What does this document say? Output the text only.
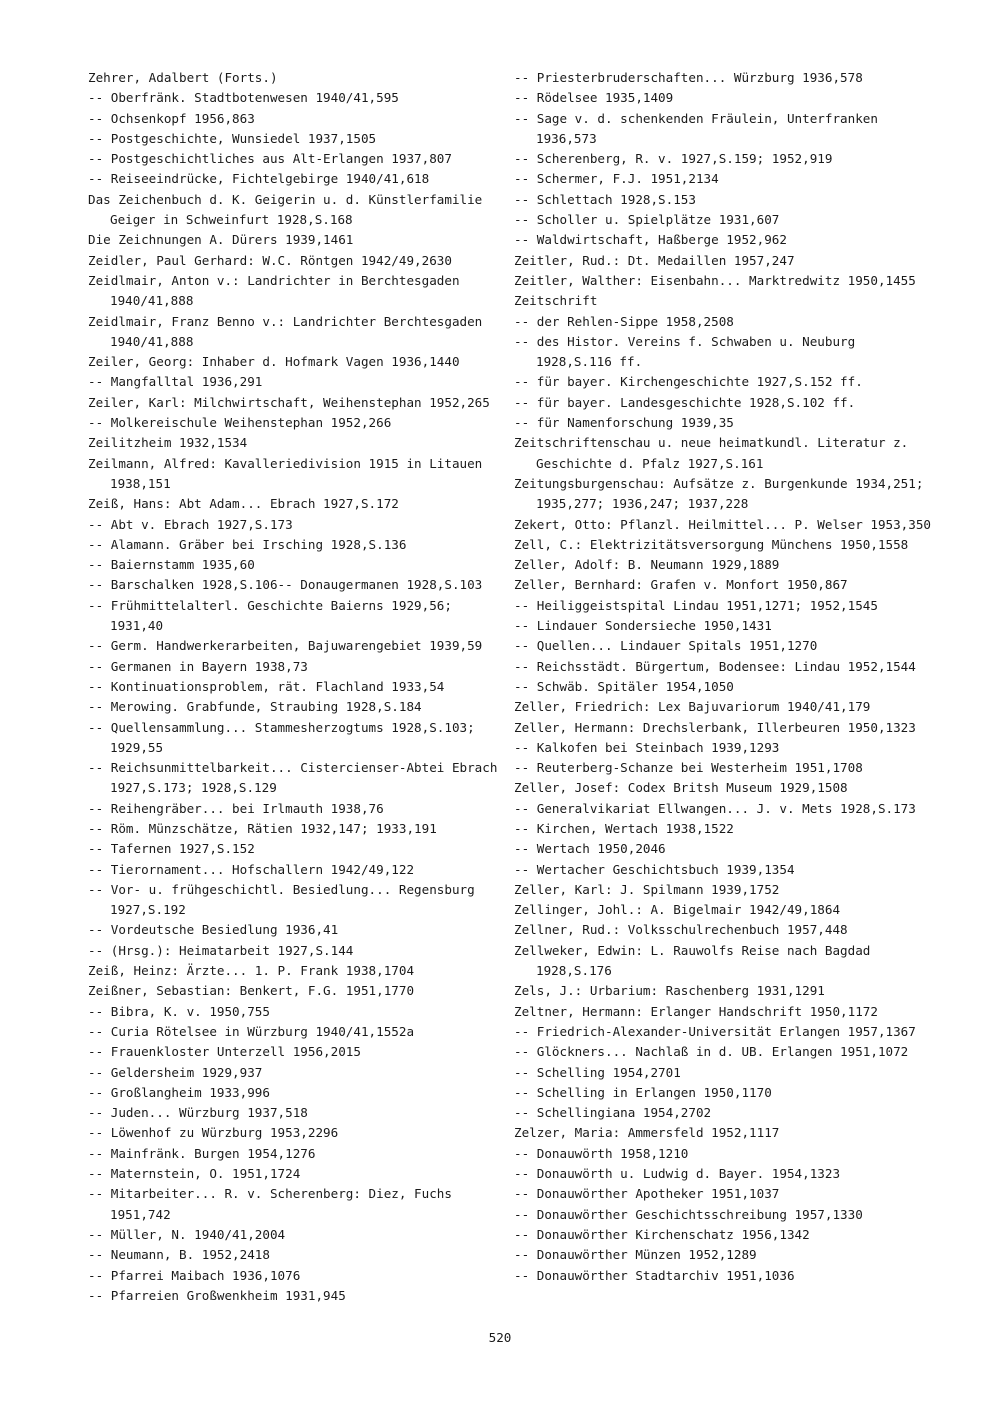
Zehrer, Adalbert (Forts.)
-- Oberfränk. Stadtbotenwesen 1940/41,595
-- Ochsenkopf 1956,863
-- Postgeschichte, Wunsiedel 1937,1505
-- Postgeschichtliches aus Alt-Erlangen 1937,807
-- Reiseeindrücke, Fichtelgebirge 1940/41,618
Das Zeichenbuch d. K. Geigerin u. d. Künstlerfamilie Geiger in Schweinfurt 1928,S.168
Die Zeichnungen A. Dürers 1939,1461
Zeidler, Paul Gerhard: W.C. Röntgen 1942/49,2630
Zeidlmair, Anton v.: Landrichter in Berchtesgaden 1940/41,888
Zeidlmair, Franz Benno v.: Landrichter Berchtesgaden 1940/41,888
Zeiler, Georg: Inhaber d. Hofmark Vagen 1936,1440
-- Mangfalltal 1936,291
Zeiler, Karl: Milchwirtschaft, Weihenstephan 1952,265
-- Molkereischule Weihenstephan 1952,266
Zeilitzheim 1932,1534
Zeilmann, Alfred: Kavalleriedivision 1915 in Litauen 1938,151
Zeiß, Hans: Abt Adam... Ebrach 1927,S.172
-- Abt v. Ebrach 1927,S.173
-- Alamann. Gräber bei Irsching 1928,S.136
-- Baiernstamm 1935,60
-- Barschalken 1928,S.106-- Donaugermanen 1928,S.103
-- Frühmittelalterl. Geschichte Baierns 1929,56; 1931,40
-- Germ. Handwerkerarbeiten, Bajuwarengebiet 1939,59
-- Germanen in Bayern 1938,73
-- Kontinuationsproblem, rät. Flachland 1933,54
-- Merowing. Grabfunde, Straubing 1928,S.184
-- Quellensammlung... Stammesherzogtums 1928,S.103; 1929,55
-- Reichsunmittelbarkeit... Cistercienser-Abtei Ebrach 1927,S.173; 1928,S.129
-- Reihengräber... bei Irlmauth 1938,76
-- Röm. Münzschätze, Rätien 1932,147; 1933,191
-- Tafernen 1927,S.152
-- Tierornament... Hofschallern 1942/49,122
-- Vor- u. frühgeschichtl. Besiedlung... Regensburg 1927,S.192
-- Vordeutsche Besiedlung 1936,41
-- (Hrsg.): Heimatarbeit 1927,S.144
Zeiß, Heinz: Ärzte... 1. P. Frank 1938,1704
Zeißner, Sebastian: Benkert, F.G. 1951,1770
-- Bibra, K. v. 1950,755
-- Curia Rötelsee in Würzburg 1940/41,1552a
-- Frauenkloster Unterzell 1956,2015
-- Geldersheim 1929,937
-- Großlangheim 1933,996
-- Juden... Würzburg 1937,518
-- Löwenhof zu Würzburg 1953,2296
-- Mainfränk. Burgen 1954,1276
-- Maternstein, O. 1951,1724
-- Mitarbeiter... R. v. Scherenberg: Diez, Fuchs 1951,742
-- Müller, N. 1940/41,2004
-- Neumann, B. 1952,2418
-- Pfarrei Maibach 1936,1076
-- Pfarreien Großwenkheim 1931,945
-- Priesterbruderschaften... Würzburg 1936,578
-- Rödelsee 1935,1409
-- Sage v. d. schenkenden Fräulein, Unterfranken 1936,573
-- Scherenberg, R. v. 1927,S.159; 1952,919
-- Schermer, F.J. 1951,2134
-- Schlettach 1928,S.153
-- Scholler u. Spielplätze 1931,607
-- Waldwirtschaft, Haßberge 1952,962
Zeitler, Rud.: Dt. Medaillen 1957,247
Zeitler, Walther: Eisenbahn... Marktredwitz 1950,1455
Zeitschrift
-- der Rehlen-Sippe 1958,2508
-- des Histor. Vereins f. Schwaben u. Neuburg 1928,S.116 ff.
-- für bayer. Kirchengeschichte 1927,S.152 ff.
-- für bayer. Landesgeschichte 1928,S.102 ff.
-- für Namenforschung 1939,35
Zeitschriftenschau u. neue heimatkundl. Literatur z. Geschichte d. Pfalz 1927,S.161
Zeitungsburgenschau: Aufsätze z. Burgenkunde 1934,251; 1935,277; 1936,247; 1937,228
Zekert, Otto: Pflanzl. Heilmittel... P. Welser 1953,350
Zell, C.: Elektrizitätsversorgung Münchens 1950,1558
Zeller, Adolf: B. Neumann 1929,1889
Zeller, Bernhard: Grafen v. Monfort 1950,867
-- Heiliggeistspital Lindau 1951,1271; 1952,1545
-- Lindauer Sondersieche 1950,1431
-- Quellen... Lindauer Spitals 1951,1270
-- Reichsstädt. Bürgertum, Bodensee: Lindau 1952,1544
-- Schwäb. Spitäler 1954,1050
Zeller, Friedrich: Lex Bajuvariorum 1940/41,179
Zeller, Hermann: Drechslerbank, Illerbeuren 1950,1323
-- Kalkofen bei Steinbach 1939,1293
-- Reuterberg-Schanze bei Westerheim 1951,1708
Zeller, Josef: Codex Britsh Museum 1929,1508
-- Generalvikariat Ellwangen... J. v. Mets 1928,S.173
-- Kirchen, Wertach 1938,1522
-- Wertach 1950,2046
-- Wertacher Geschichtsbuch 1939,1354
Zeller, Karl: J. Spilmann 1939,1752
Zellinger, Johl.: A. Bigelmair 1942/49,1864
Zellner, Rud.: Volksschulrechenbuch 1957,448
Zellweker, Edwin: L. Rauwolfs Reise nach Bagdad 1928,S.176
Zels, J.: Urbarium: Raschenberg 1931,1291
Zeltner, Hermann: Erlanger Handschrift 1950,1172
-- Friedrich-Alexander-Universität Erlangen 1957,1367
-- Glöckners... Nachlaß in d. UB. Erlangen 1951,1072
-- Schelling 1954,2701
-- Schelling in Erlangen 1950,1170
-- Schellingiana 1954,2702
Zelzer, Maria: Ammersfeld 1952,1117
-- Donauwörth 1958,1210
-- Donauwörth u. Ludwig d. Bayer. 1954,1323
-- Donauwörther Apotheker 1951,1037
-- Donauwörther Geschichtsschreibung 1957,1330
-- Donauwörther Kirchenschatz 1956,1342
-- Donauwörther Münzen 1952,1289
-- Donauwörther Stadtarchiv 1951,1036
520
